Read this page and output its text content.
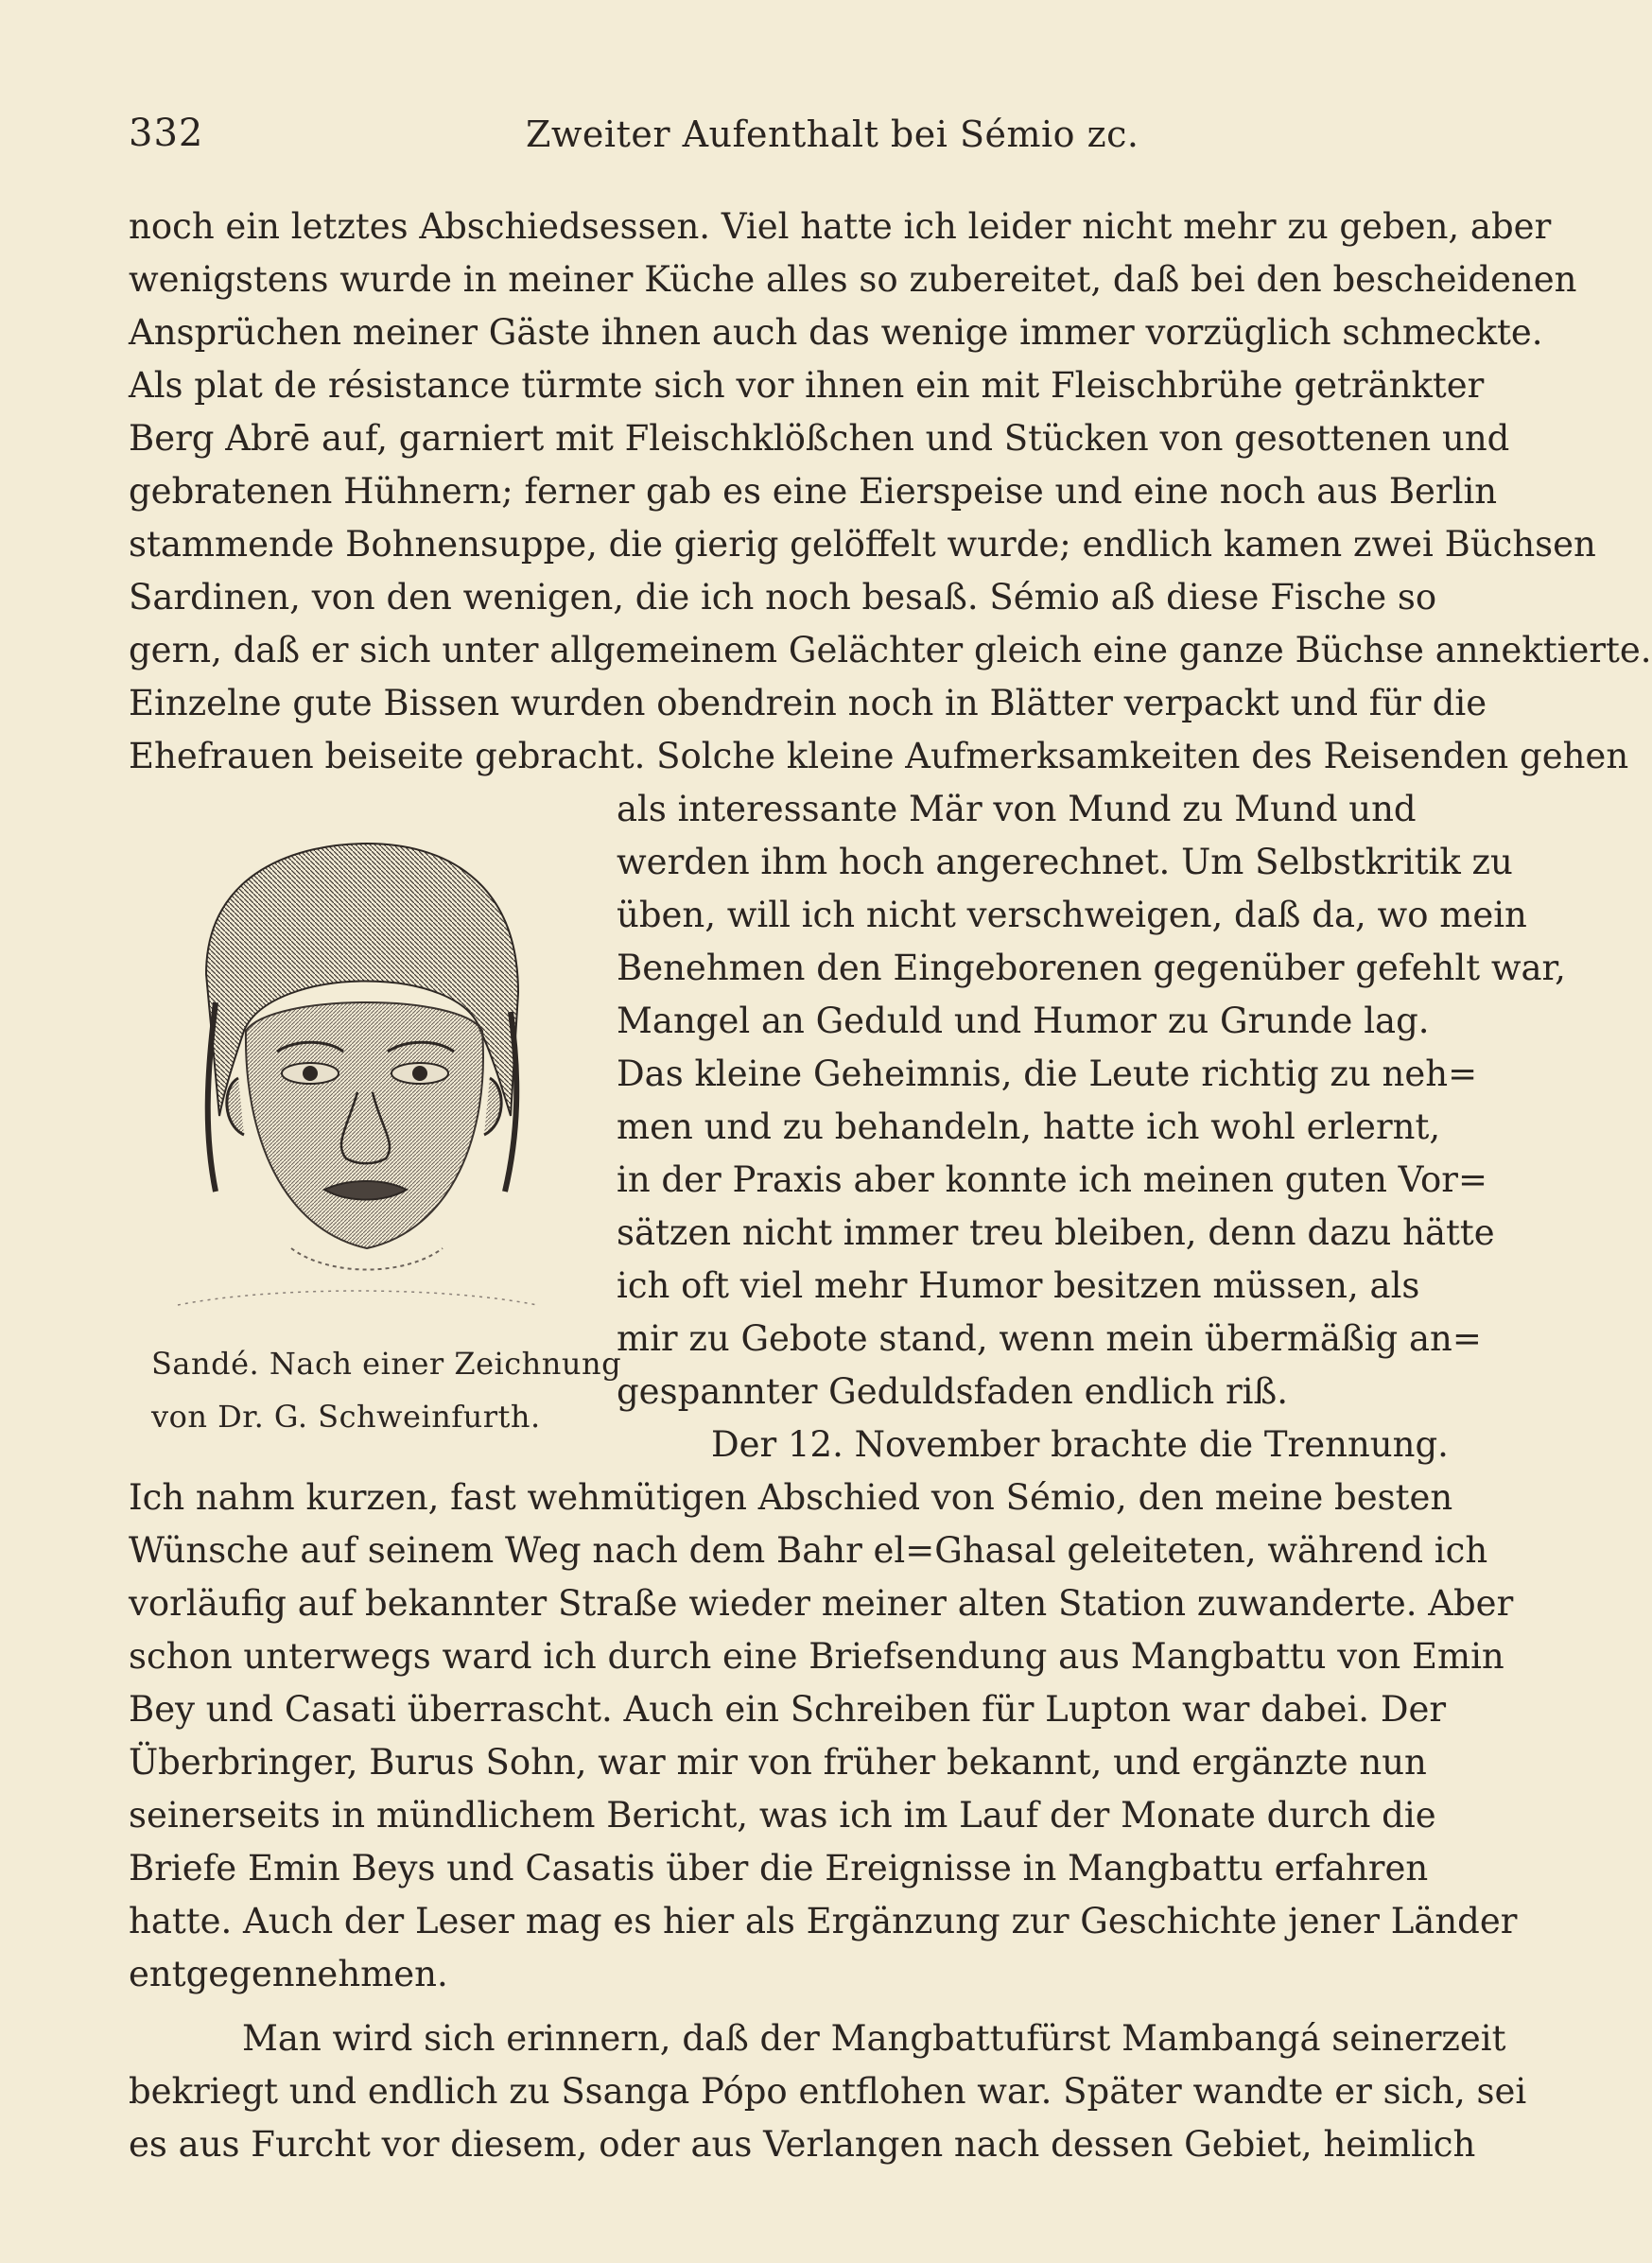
332	Zweiter Aufenthalt bei Sémio zc.
noch ein letztes Abschiedsessen. Viel hatte ich leider nicht mehr zu geben, aber
wenigstens wurde in meiner Küche alles so zubereitet, daß bei den bescheidenen
Ansprüchen meiner Gäste ihnen auch das wenige immer vorzüglich schmeckte.
Als plat de résistance türmte sich vor ihnen ein mit Fleischbrühe getränkter
Berg Abrē auf, garniert mit Fleischklößchen und Stücken von gesottenen und
gebratenen Hühnern; ferner gab es eine Eierspeise und eine noch aus Berlin
stammende Bohnensuppe, die gierig gelöffelt wurde; endlich kamen zwei Büchsen
Sardinen, von den wenigen, die ich noch besaß. Sémio aß diese Fische so
gern, daß er sich unter allgemeinem Gelächter gleich eine ganze Büchse annektierte.
Einzelne gute Bissen wurden obendrein noch in Blätter verpackt und für die
Ehefrauen beiseite gebracht. Solche kleine Aufmerksamkeiten des Reisenden gehen
als interessante Mär von Mund zu Mund und
werden ihm hoch angerechnet. Um Selbstkritik zu
üben, will ich nicht verschweigen, daß da, wo mein
Benehmen den Eingeborenen gegenüber gefehlt war,
Mangel an Geduld und Humor zu Grunde lag.
Das kleine Geheimnis, die Leute richtig zu neh=
men und zu behandeln, hatte ich wohl erlernt,
in der Praxis aber konnte ich meinen guten Vor=
sätzen nicht immer treu bleiben, denn dazu hätte
ich oft viel mehr Humor besitzen müssen, als
mir zu Gebote stand, wenn mein übermäßig an=
gespannter Geduldsfaden endlich riß.
Sandé. Nach einer Zeichnung
von Dr. G. Schweinfurth.
Der 12. November brachte die Trennung.
Ich nahm kurzen, fast wehmütigen Abschied von Sémio, den meine besten
Wünsche auf seinem Weg nach dem Bahr el=Ghasal geleiteten, während ich
vorläufig auf bekannter Straße wieder meiner alten Station zuwanderte. Aber
schon unterwegs ward ich durch eine Briefsendung aus Mangbattu von Emin
Bey und Casati überrascht. Auch ein Schreiben für Lupton war dabei. Der
Überbringer, Burus Sohn, war mir von früher bekannt, und ergänzte nun
seinerseits in mündlichem Bericht, was ich im Lauf der Monate durch die
Briefe Emin Beys und Casatis über die Ereignisse in Mangbattu erfahren
hatte. Auch der Leser mag es hier als Ergänzung zur Geschichte jener Länder
entgegennehmen.
Man wird sich erinnern, daß der Mangbattufürst Mambangá seinerzeit
bekriegt und endlich zu Ssanga Pópo entflohen war. Später wandte er sich, sei
es aus Furcht vor diesem, oder aus Verlangen nach dessen Gebiet, heimlich
